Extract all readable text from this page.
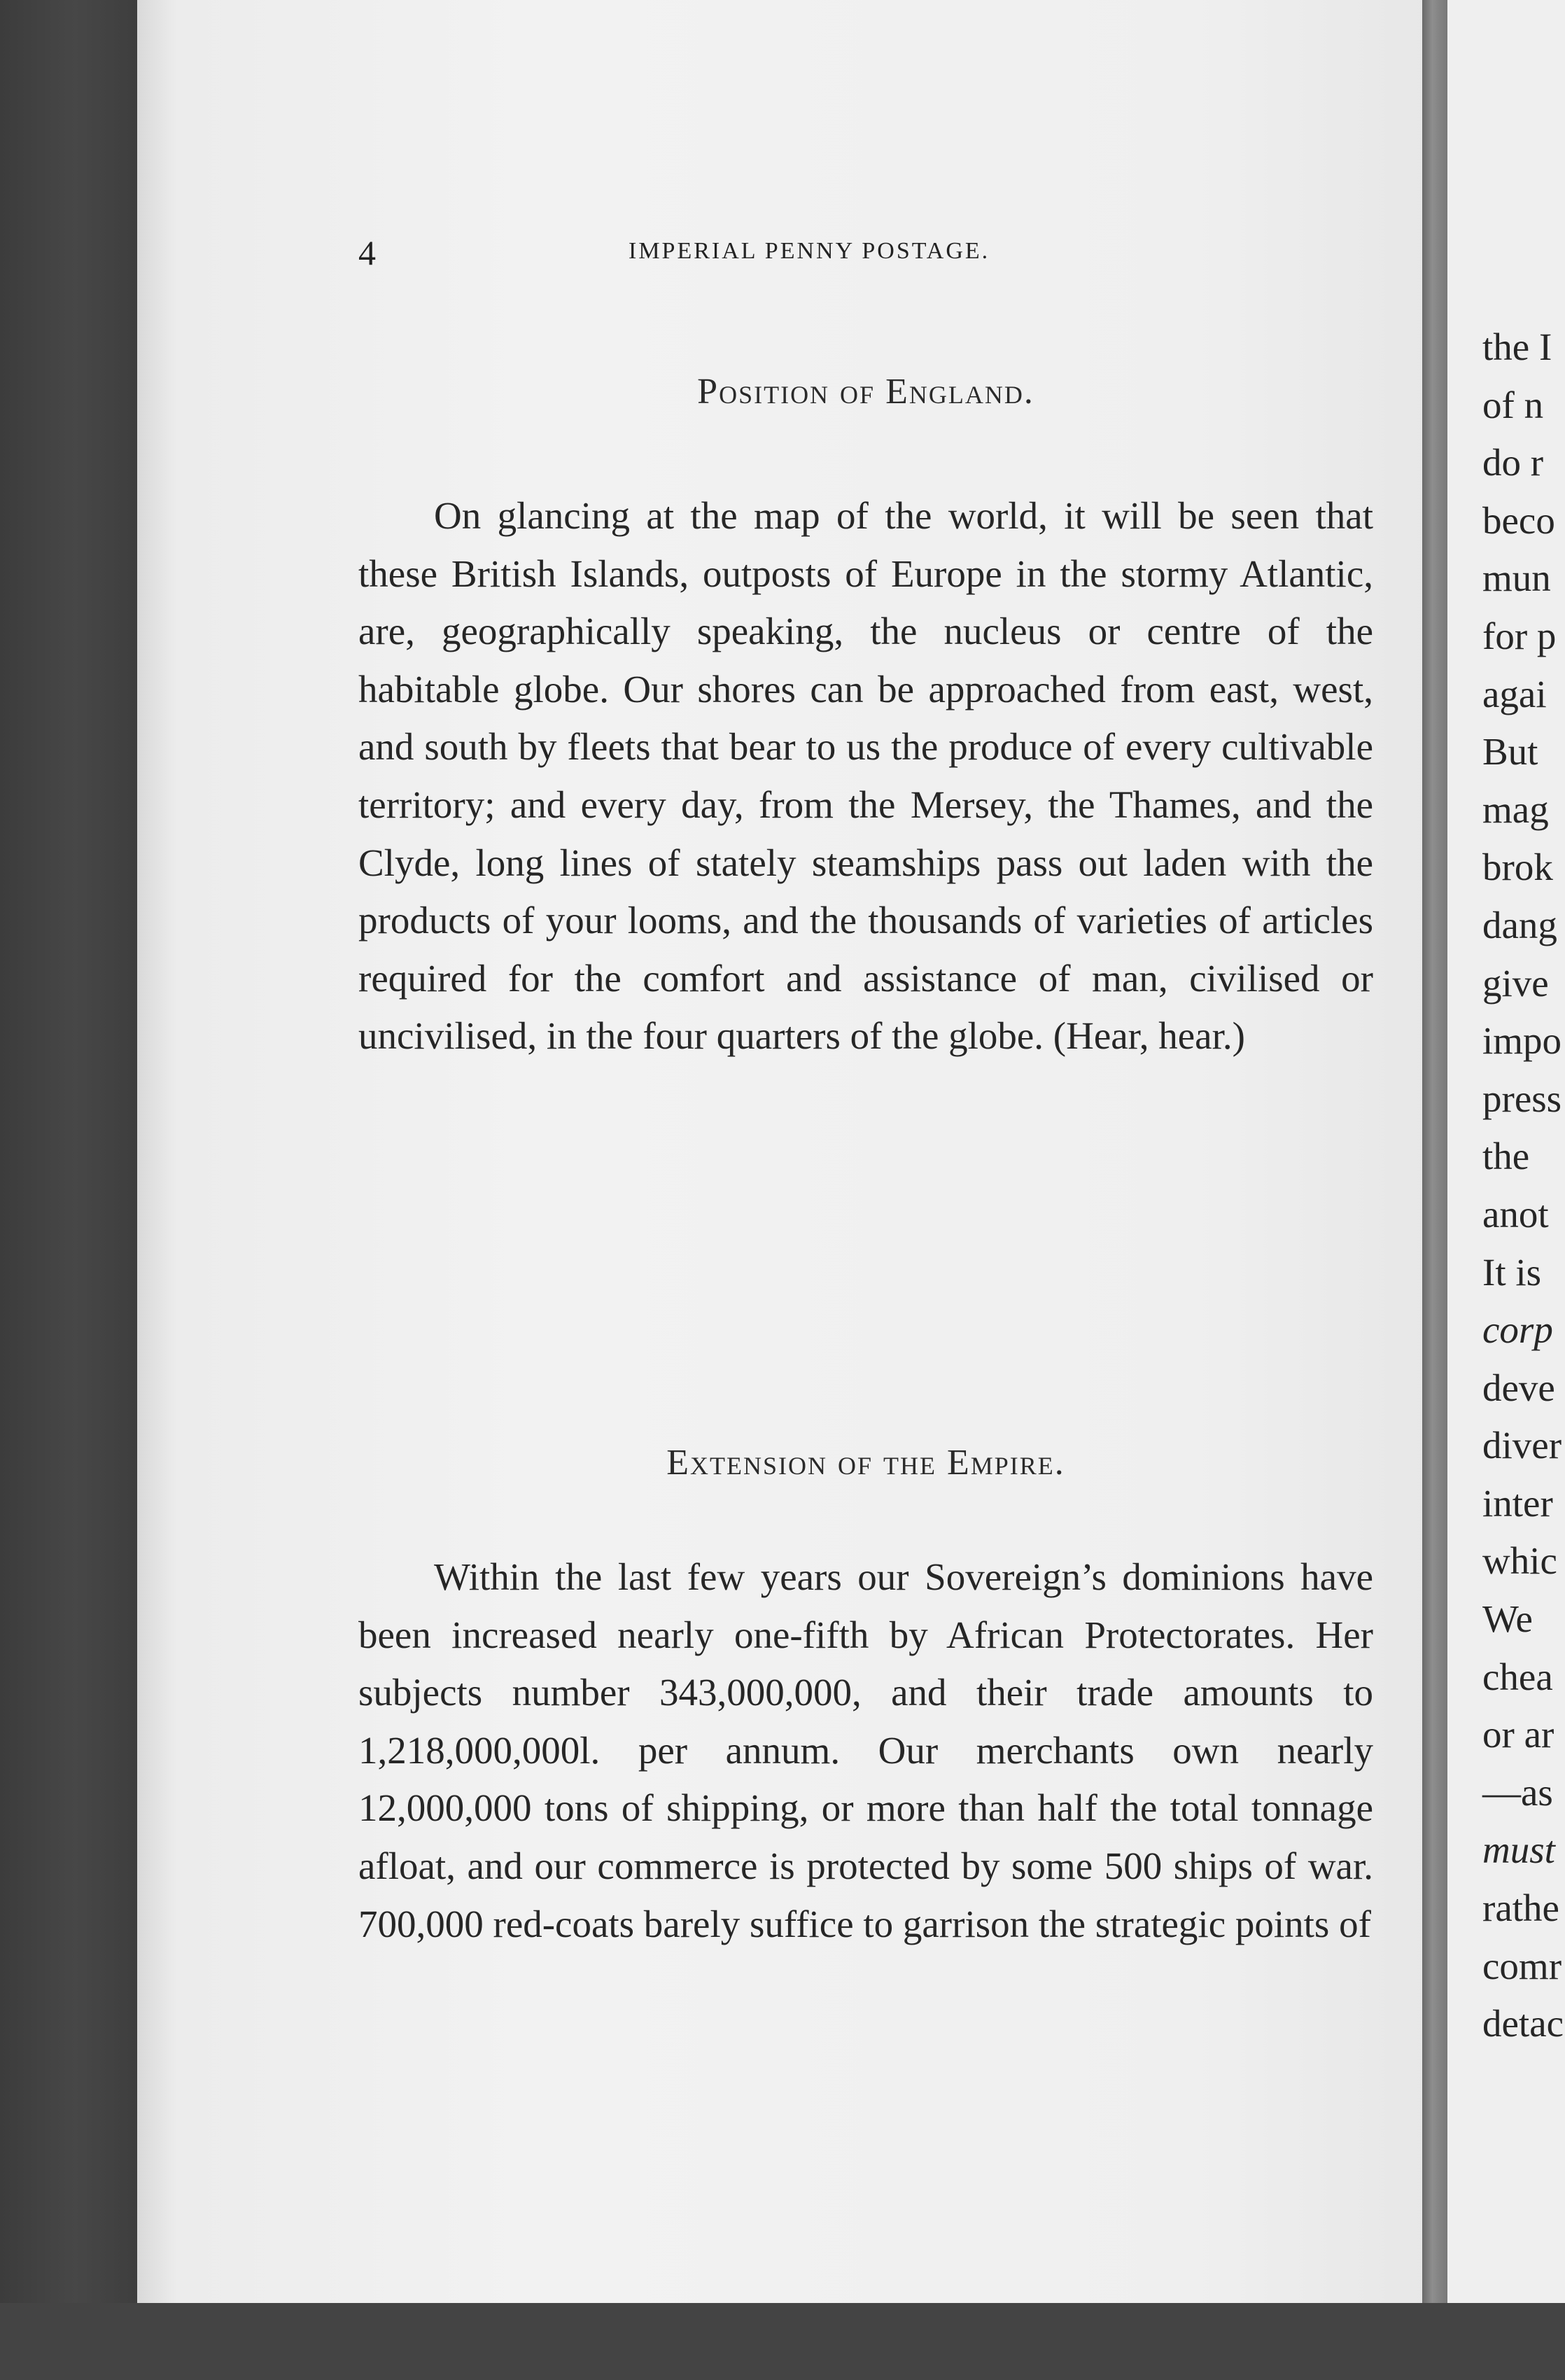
4	IMPERIAL PENNY POSTAGE.
Position of England.

On glancing at the map of the world, it will be seen that these British Islands, outposts of Europe in the stormy Atlantic, are, geographically speaking, the nucleus or centre of the habitable globe. Our shores can be approached from east, west, and south by fleets that bear to us the produce of every cultivable territory; and every day, from the Mersey, the Thames, and the Clyde, long lines of stately steamships pass out laden with the products of your looms, and the thousands of varieties of articles required for the comfort and assistance of man, civilised or uncivilised, in the four quarters of the globe. (Hear, hear.)

Extension of the Empire.

Within the last few years our Sovereign’s dominions have been increased nearly one-fifth by African Protectorates. Her subjects number 343,000,000, and their trade amounts to 1,218,000,000l. per annum. Our merchants own nearly 12,000,000 tons of shipping, or more than half the total tonnage afloat, and our commerce is protected by some 500 ships of war. 700,000 red-coats barely suffice to garrison the strategic points of

the I
of n
do r
beco
mun
for p
agai
But
mag
brok
dang
give
impo
press
the
anot
It is
corp
deve
diver
inter
whic
We
chea
or ar
—as
must
rathe
comr
detac
